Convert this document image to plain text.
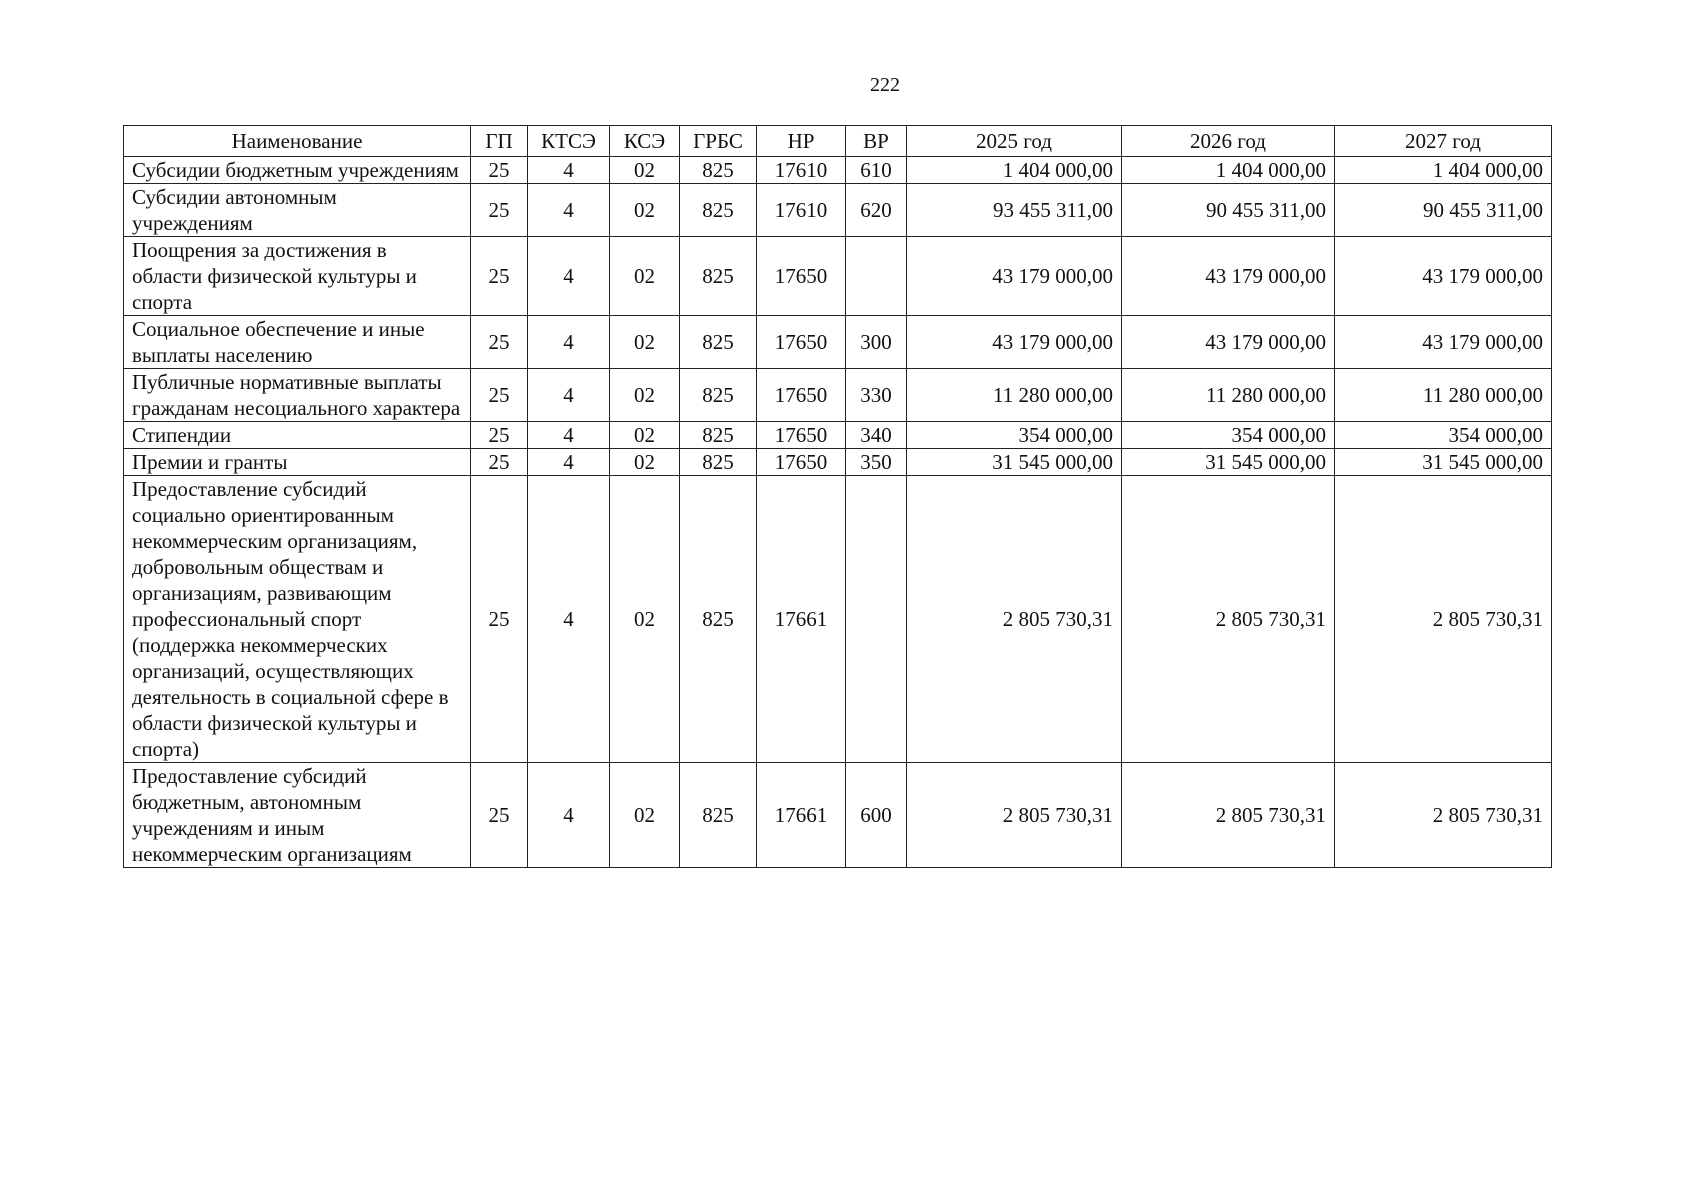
222
Наименование	ГП	КТСЭ	КСЭ	ГРБС	НР	ВР	2025 год	2026 год	2027 год
Субсидии бюджетным учреждениям	25	4	02	825	17610	610	1 404 000,00	1 404 000,00	1 404 000,00
Субсидии автономным учреждениям	25	4	02	825	17610	620	93 455 311,00	90 455 311,00	90 455 311,00
Поощрения за достижения в области физической культуры и спорта	25	4	02	825	17650		43 179 000,00	43 179 000,00	43 179 000,00
Социальное обеспечение и иные выплаты населению	25	4	02	825	17650	300	43 179 000,00	43 179 000,00	43 179 000,00
Публичные нормативные выплаты гражданам несоциального характера	25	4	02	825	17650	330	11 280 000,00	11 280 000,00	11 280 000,00
Стипендии	25	4	02	825	17650	340	354 000,00	354 000,00	354 000,00
Премии и гранты	25	4	02	825	17650	350	31 545 000,00	31 545 000,00	31 545 000,00
Предоставление субсидий социально ориентированным некоммерческим организациям, добровольным обществам и организациям, развивающим профессиональный спорт (поддержка некоммерческих организаций, осуществляющих деятельность в социальной сфере в области физической культуры и спорта)	25	4	02	825	17661		2 805 730,31	2 805 730,31	2 805 730,31
Предоставление субсидий бюджетным, автономным учреждениям и иным некоммерческим организациям	25	4	02	825	17661	600	2 805 730,31	2 805 730,31	2 805 730,31
